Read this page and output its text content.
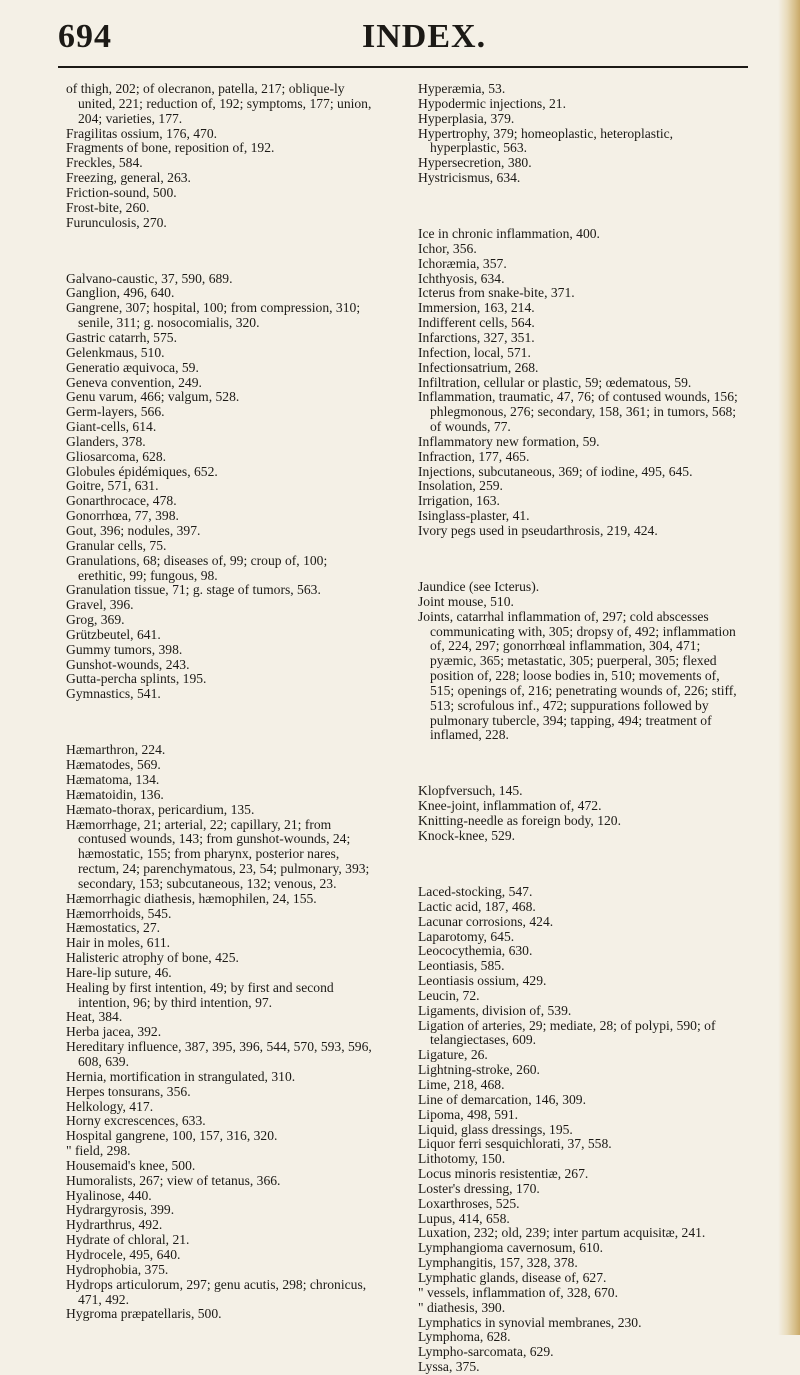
694	INDEX.

of thigh, 202; of olecranon, patella, 217; oblique-ly united, 221; reduction of, 192; symptoms, 177; union, 204; varieties, 177.

Fragilitas ossium, 176, 470.

Fragments of bone, reposition of, 192.

Freckles, 584.

Freezing, general, 263.

Friction-sound, 500.

Frost-bite, 260.

Furunculosis, 270.

Galvano-caustic, 37, 590, 689.

Ganglion, 496, 640.

Gangrene, 307; hospital, 100; from compression, 310; senile, 311; g. nosocomialis, 320.

Gastric catarrh, 575.

Gelenkmaus, 510.

Generatio æquivoca, 59.

Geneva convention, 249.

Genu varum, 466; valgum, 528.

Germ-layers, 566.

Giant-cells, 614.

Glanders, 378.

Gliosarcoma, 628.

Globules épidémiques, 652.

Goitre, 571, 631.

Gonarthrocace, 478.

Gonorrhœa, 77, 398.

Gout, 396; nodules, 397.

Granular cells, 75.

Granulations, 68; diseases of, 99; croup of, 100; erethitic, 99; fungous, 98.

Granulation tissue, 71; g. stage of tumors, 563.

Gravel, 396.

Grog, 369.

Grützbeutel, 641.

Gummy tumors, 398.

Gunshot-wounds, 243.

Gutta-percha splints, 195.

Gymnastics, 541.

Hæmarthron, 224.

Hæmatodes, 569.

Hæmatoma, 134.

Hæmatoidin, 136.

Hæmato-thorax, pericardium, 135.

Hæmorrhage, 21; arterial, 22; capillary, 21; from contused wounds, 143; from gunshot-wounds, 24; hæmostatic, 155; from pharynx, posterior nares, rectum, 24; parenchymatous, 23, 54; pulmonary, 393; secondary, 153; subcutaneous, 132; venous, 23.

Hæmorrhagic diathesis, hæmophilen, 24, 155.

Hæmorrhoids, 545.

Hæmostatics, 27.

Hair in moles, 611.

Halisteric atrophy of bone, 425.

Hare-lip suture, 46.

Healing by first intention, 49; by first and second intention, 96; by third intention, 97.

Heat, 384.

Herba jacea, 392.

Hereditary influence, 387, 395, 396, 544, 570, 593, 596, 608, 639.

Hernia, mortification in strangulated, 310.

Herpes tonsurans, 356.

Helkology, 417.

Horny excrescences, 633.

Hospital gangrene, 100, 157, 316, 320.

" field, 298.

Housemaid's knee, 500.

Humoralists, 267; view of tetanus, 366.

Hyalinose, 440.

Hydrargyrosis, 399.

Hydrarthrus, 492.

Hydrate of chloral, 21.

Hydrocele, 495, 640.

Hydrophobia, 375.

Hydrops articulorum, 297; genu acutis, 298; chronicus, 471, 492.

Hygroma præpatellaris, 500.

Hyperæmia, 53.

Hypodermic injections, 21.

Hyperplasia, 379.

Hypertrophy, 379; homeoplastic, heteroplastic, hyperplastic, 563.

Hypersecretion, 380.

Hystricismus, 634.

Ice in chronic inflammation, 400.

Ichor, 356.

Ichoræmia, 357.

Ichthyosis, 634.

Icterus from snake-bite, 371.

Immersion, 163, 214.

Indifferent cells, 564.

Infarctions, 327, 351.

Infection, local, 571.

Infectionsatrium, 268.

Infiltration, cellular or plastic, 59; œdematous, 59.

Inflammation, traumatic, 47, 76; of contused wounds, 156; phlegmonous, 276; secondary, 158, 361; in tumors, 568; of wounds, 77.

Inflammatory new formation, 59.

Infraction, 177, 465.

Injections, subcutaneous, 369; of iodine, 495, 645.

Insolation, 259.

Irrigation, 163.

Isinglass-plaster, 41.

Ivory pegs used in pseudarthrosis, 219, 424.

Jaundice (see Icterus).

Joint mouse, 510.

Joints, catarrhal inflammation of, 297; cold abscesses communicating with, 305; dropsy of, 492; inflammation of, 224, 297; gonorrhœal inflammation, 304, 471; pyæmic, 365; metastatic, 305; puerperal, 305; flexed position of, 228; loose bodies in, 510; movements of, 515; openings of, 216; penetrating wounds of, 226; stiff, 513; scrofulous inf., 472; suppurations followed by pulmonary tubercle, 394; tapping, 494; treatment of inflamed, 228.

Klopfversuch, 145.

Knee-joint, inflammation of, 472.

Knitting-needle as foreign body, 120.

Knock-knee, 529.

Laced-stocking, 547.

Lactic acid, 187, 468.

Lacunar corrosions, 424.

Laparotomy, 645.

Leococythemia, 630.

Leontiasis, 585.

Leontiasis ossium, 429.

Leucin, 72.

Ligaments, division of, 539.

Ligation of arteries, 29; mediate, 28; of polypi, 590; of telangiectases, 609.

Ligature, 26.

Lightning-stroke, 260.

Lime, 218, 468.

Line of demarcation, 146, 309.

Lipoma, 498, 591.

Liquid, glass dressings, 195.

Liquor ferri sesquichlorati, 37, 558.

Lithotomy, 150.

Locus minoris resistentiæ, 267.

Loster's dressing, 170.

Loxarthroses, 525.

Lupus, 414, 658.

Luxation, 232; old, 239; inter partum acquisitæ, 241.

Lymphangioma cavernosum, 610.

Lymphangitis, 157, 328, 378.

Lymphatic glands, disease of, 627.

" vessels, inflammation of, 328, 670.

" diathesis, 390.

Lymphatics in synovial membranes, 230.

Lymphoma, 628.

Lympho-sarcomata, 629.

Lyssa, 375.
